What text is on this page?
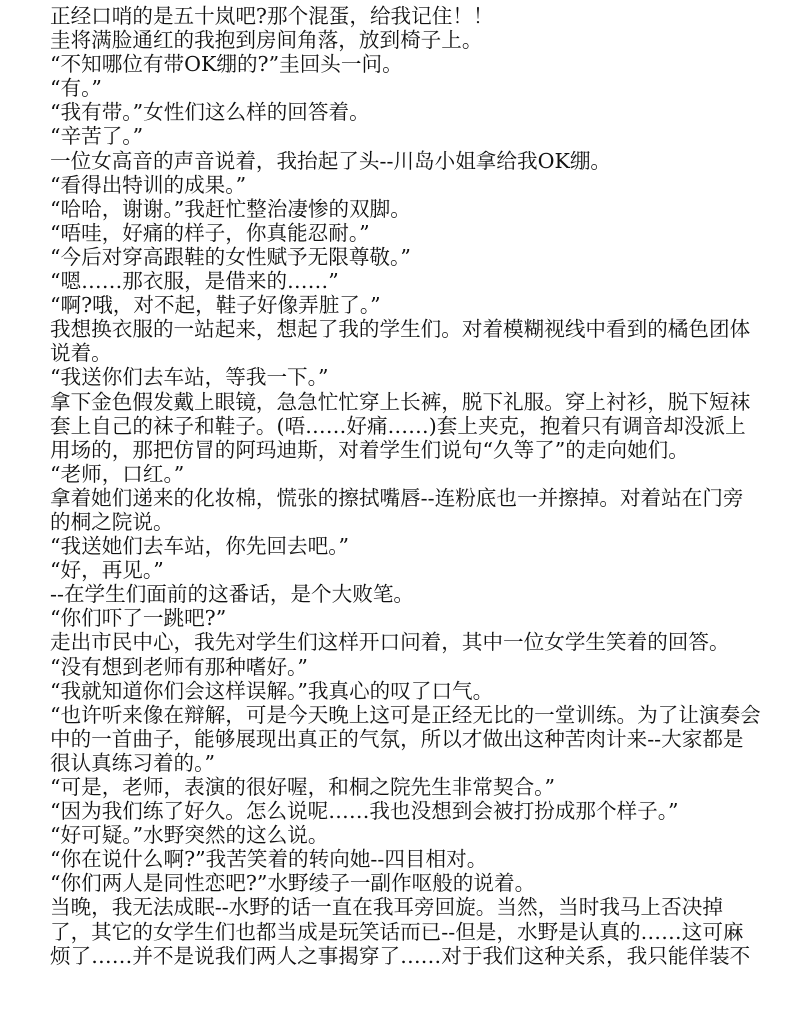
正经口哨的是五十岚吧?那个混蛋，给我记住！！

圭将满脸通红的我抱到房间角落，放到椅子上。

“不知哪位有带OK绷的?”圭回头一问。

“有。”

“我有带。”女性们这么样的回答着。

“辛苦了。”

一位女高音的声音说着，我抬起了头--川岛小姐拿给我OK绷。

“看得出特训的成果。”

“哈哈，谢谢。”我赶忙整治凄惨的双脚。

“唔哇，好痛的样子，你真能忍耐。”

“今后对穿高跟鞋的女性赋予无限尊敬。”

“嗯……那衣服，是借来的……”

“啊?哦，对不起，鞋子好像弄脏了。”

我想换衣服的一站起来，想起了我的学生们。对着模糊视线中看到的橘色团体说着。

“我送你们去车站，等我一下。”

拿下金色假发戴上眼镜，急急忙忙穿上长裤，脱下礼服。穿上衬衫，脱下短袜套上自己的袜子和鞋子。(唔……好痛……)套上夹克，抱着只有调音却没派上用场的，那把仿冒的阿玛迪斯，对着学生们说句“久等了”的走向她们。

“老师，口红。”

拿着她们递来的化妆棉，慌张的擦拭嘴唇--连粉底也一并擦掉。对着站在门旁的桐之院说。

“我送她们去车站，你先回去吧。”

“好，再见。”

--在学生们面前的这番话，是个大败笔。

“你们吓了一跳吧?”

走出市民中心，我先对学生们这样开口问着，其中一位女学生笑着的回答。

“没有想到老师有那种嗜好。”

“我就知道你们会这样误解。”我真心的叹了口气。

“也许听来像在辩解，可是今天晚上这可是正经无比的一堂训练。为了让演奏会中的一首曲子，能够展现出真正的气氛，所以才做出这种苦肉计来--大家都是很认真练习着的。”

“可是，老师，表演的很好喔，和桐之院先生非常契合。”

“因为我们练了好久。怎么说呢……我也没想到会被打扮成那个样子。”

“好可疑。”水野突然的这么说。

“你在说什么啊?”我苦笑着的转向她--四目相对。

“你们两人是同性恋吧?”水野绫子一副作呕般的说着。

当晚，我无法成眠--水野的话一直在我耳旁回旋。当然，当时我马上否决掉了，其它的女学生们也都当成是玩笑话而已--但是，水野是认真的……这可麻烦了……并不是说我们两人之事揭穿了……对于我们这种关系，我只能佯装不
